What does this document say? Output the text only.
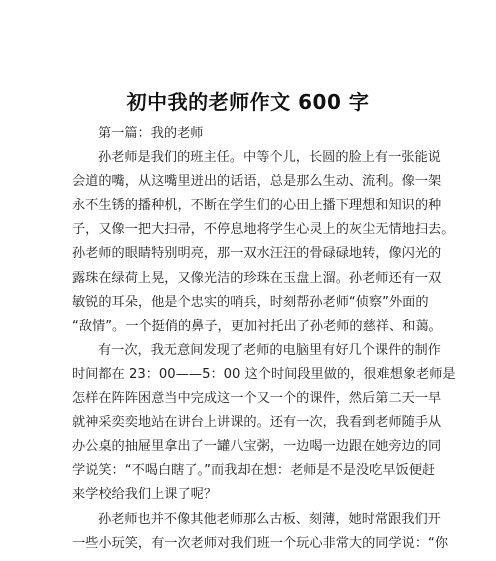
初中我的老师作文 600 字
第一篇：我的老师
孙老师是我们的班主任。中等个儿，长圆的脸上有一张能说
会道的嘴，从这嘴里迸出的话语，总是那么生动、流利。像一架
永不生锈的播种机，不断在学生们的心田上播下理想和知识的种
子，又像一把大扫帚，不停息地将学生心灵上的灰尘无情地扫去。
孙老师的眼睛特别明亮，那一双水汪汪的骨碌碌地转，像闪光的
露珠在绿荷上晃，又像光洁的珍珠在玉盘上溜。孙老师还有一双
敏锐的耳朵，他是个忠实的哨兵，时刻帮孙老师“侦察”外面的
“敌情”。一个挺俏的鼻子，更加衬托出了孙老师的慈祥、和蔼。
有一次，我无意间发现了老师的电脑里有好几个课件的制作
时间都在 23：00——5：00 这个时间段里做的，很难想象老师是
怎样在阵阵困意当中完成这一个又一个的课件，然后第二天一早
就神采奕奕地站在讲台上讲课的。还有一次，我看到老师随手从
办公桌的抽屉里拿出了一罐八宝粥，一边喝一边跟在她旁边的同
学说笑：“不喝白瞎了。”而我却在想：老师是不是没吃早饭便赶
来学校给我们上课了呢？
孙老师也并不像其他老师那么古板、刻薄，她时常跟我们开
一些小玩笑，有一次老师对我们班一个玩心非常大的同学说：“你
